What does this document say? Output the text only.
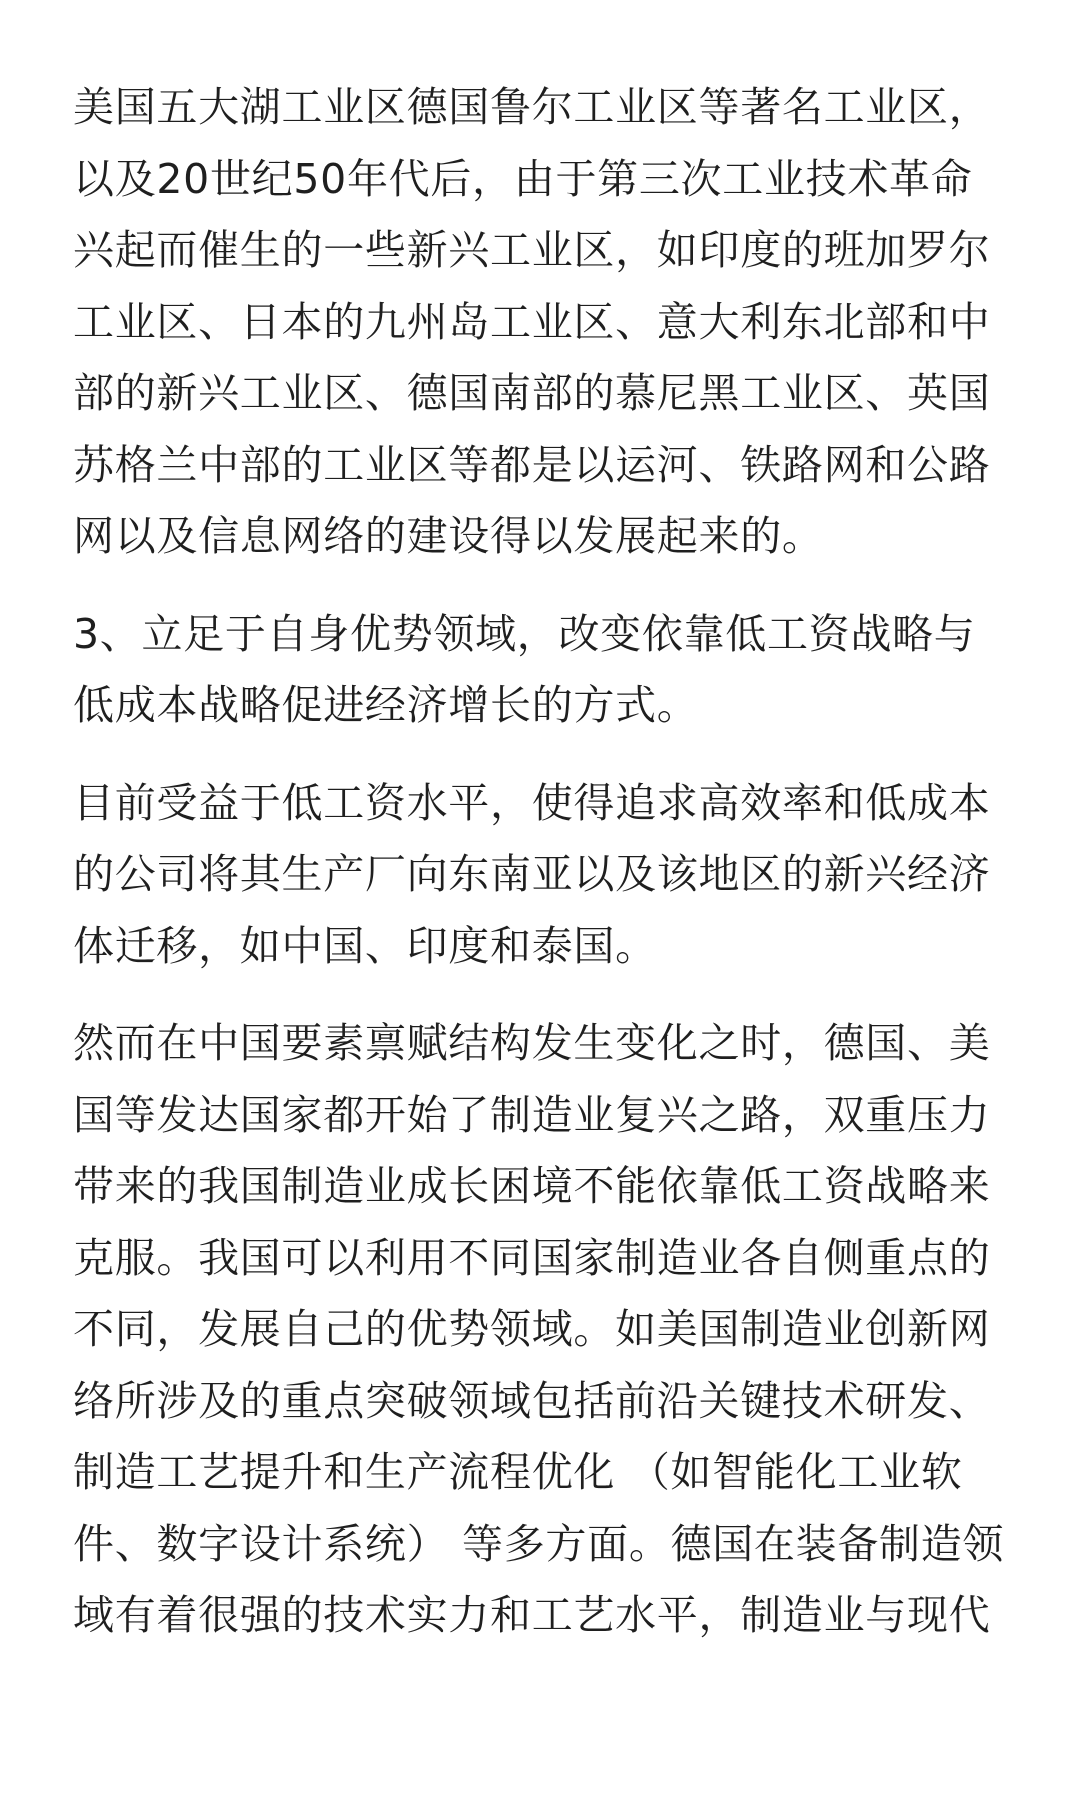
美国五大湖工业区德国鲁尔工业区等著名工业区，
以及20世纪50年代后，由于第三次工业技术革命
兴起而催生的一些新兴工业区，如印度的班加罗尔
工业区、日本的九州岛工业区、意大利东北部和中
部的新兴工业区、德国南部的慕尼黑工业区、英国
苏格兰中部的工业区等都是以运河、铁路网和公路
网以及信息网络的建设得以发展起来的。

3、立足于自身优势领域，改变依靠低工资战略与
低成本战略促进经济增长的方式。

目前受益于低工资水平，使得追求高效率和低成本
的公司将其生产厂向东南亚以及该地区的新兴经济
体迁移，如中国、印度和泰国。

然而在中国要素禀赋结构发生变化之时，德国、美
国等发达国家都开始了制造业复兴之路，双重压力
带来的我国制造业成长困境不能依靠低工资战略来
克服。我国可以利用不同国家制造业各自侧重点的
不同，发展自己的优势领域。如美国制造业创新网
络所涉及的重点突破领域包括前沿关键技术研发、
制造工艺提升和生产流程优化 （如智能化工业软
件、数字设计系统） 等多方面。德国在装备制造领
域有着很强的技术实力和工艺水平，制造业与现代
